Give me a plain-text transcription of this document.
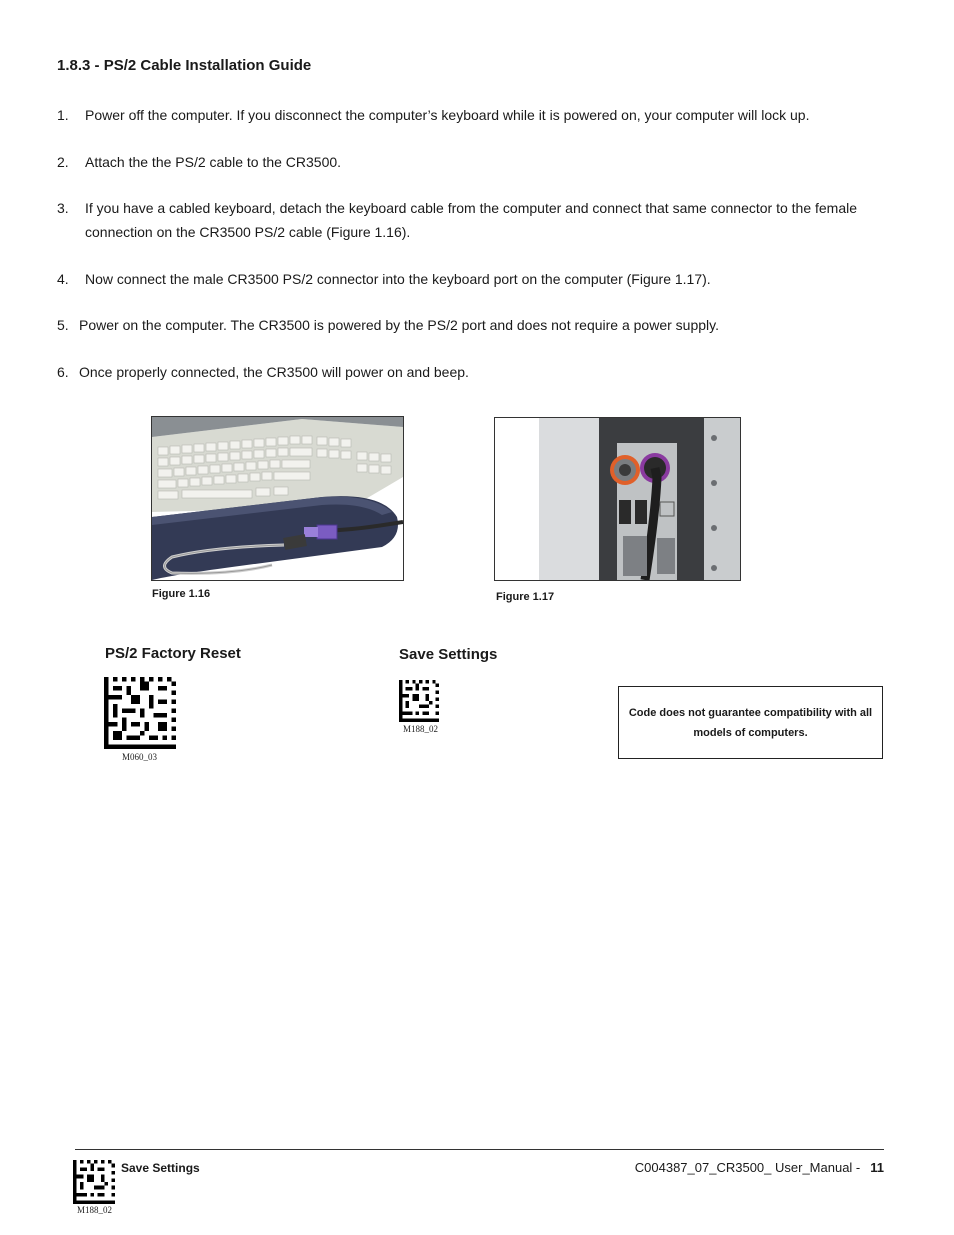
1.8.3 - PS/2 Cable Installation Guide
1. Power off the computer. If you disconnect the computer’s keyboard while it is powered on, your computer will lock up.
2. Attach the the PS/2 cable to the CR3500.
3. If you have a cabled keyboard, detach the keyboard cable from the computer and connect that same connector to the female connection on the CR3500 PS/2 cable (Figure 1.16).
4. Now connect the male CR3500 PS/2 connector into the keyboard port on the computer (Figure 1.17).
5. Power on the computer. The CR3500 is powered by the PS/2 port and does not require a power supply.
6. Once properly connected, the CR3500 will power on and beep.
Figure 1.16	Figure 1.17
PS/2 Factory Reset
M060_03
Save Settings
M188_02
Code does not guarantee compatibility with all models of computers.
Save Settings
M188_02
C004387_07_CR3500_ User_Manual - 11
